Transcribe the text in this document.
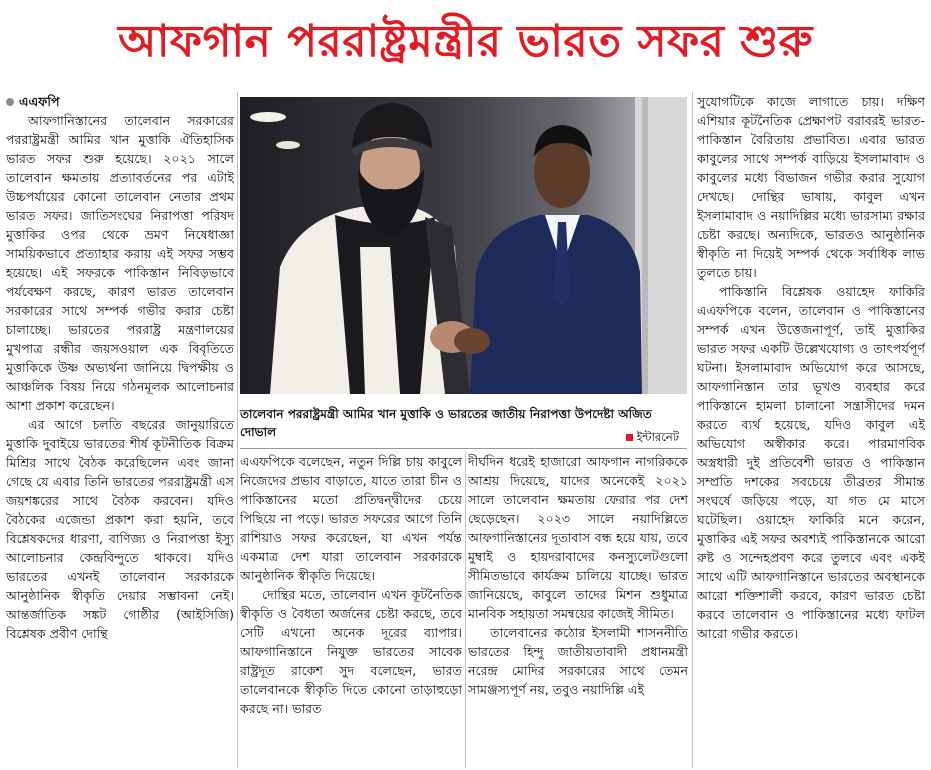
আফগান পররাষ্ট্রমন্ত্রীর ভারত সফর শুরু
এএফপি

আফগানিস্তানের তালেবান সরকারের পররাষ্ট্রমন্ত্রী আমির খান মুত্তাকি ঐতিহাসিক ভারত সফর শুরু হয়েছে। ২০২১ সালে তালেবান ক্ষমতায় প্রত্যাবর্তনের পর এটাই উচ্চপর্যায়ের কোনো তালেবান নেতার প্রথম ভারত সফর। জাতিসংঘের নিরাপত্তা পরিষদ মুত্তাকির ওপর থেকে ভ্রমণ নিষেধাজ্ঞা সাময়িকভাবে প্রত্যাহার করায় এই সফর সম্ভব হয়েছে। এই সফরকে পাকিস্তান নিবিড়ভাবে পর্যবেক্ষণ করছে, কারণ ভারত তালেবান সরকারের সাথে সম্পর্ক গভীর করার চেষ্টা চালাচ্ছে। ভারতের পররাষ্ট্র মন্ত্রণালয়ের মুখপাত্র রন্ধীর জয়সওয়াল এক বিবৃতিতে মুত্তাকিকে উষ্ণ অভ্যর্থনা জানিয়ে দ্বিপক্ষীয় ও আঞ্চলিক বিষয় নিয়ে গঠনমূলক আলোচনার আশা প্রকাশ করেছেন।

এর আগে চলতি বছরের জানুয়ারিতে মুত্তাকি দুবাইয়ে ভারতের শীর্ষ কূটনীতিক বিক্রম মিশ্রির সাথে বৈঠক করেছিলেন এবং জানা গেছে যে এবার তিনি ভারতের পররাষ্ট্রমন্ত্রী এস জয়শঙ্করের সাথে বৈঠক করবেন। যদিও বৈঠকের এজেন্ডা প্রকাশ করা হয়নি, তবে বিশ্লেষকদের ধারণা, বাণিজ্য ও নিরাপত্তা ইস্যু আলোচনার কেন্দ্রবিন্দুতে থাকবে। যদিও ভারতের এখনই তালেবান সরকারকে আনুষ্ঠানিক স্বীকৃতি দেয়ার সম্ভাবনা নেই। আন্তর্জাতিক সঙ্কট গোষ্ঠীর (আইসিজি) বিশ্লেষক প্রবীণ দোন্থি

তালেবান পররাষ্ট্রমন্ত্রী আমির খান মুত্তাকি ও ভারতের জাতীয় নিরাপত্তা উপদেষ্টা অজিত দোভাল	ইন্টারনেট

এএফপিকে বলেছেন, নতুন দিল্লি চায় কাবুলে নিজেদের প্রভাব বাড়াতে, যাতে তারা চীন ও পাকিস্তানের মতো প্রতিদ্বন্দ্বীদের চেয়ে পিছিয়ে না পড়ে। ভারত সফরের আগে তিনি রাশিয়াও সফর করেছেন, যা এখন পর্যন্ত একমাত্র দেশ যারা তালেবান সরকারকে আনুষ্ঠানিক স্বীকৃতি দিয়েছে।

দোন্থির মতে, তালেবান এখন কূটনৈতিক স্বীকৃতি ও বৈধতা অর্জনের চেষ্টা করছে, তবে সেটি এখনো অনেক দূরের ব্যাপার। আফগানিস্তানে নিযুক্ত ভারতের সাবেক রাষ্ট্রদূত রাকেশ সুদ বলেছেন, ভারত তালেবানকে স্বীকৃতি দিতে কোনো তাড়াহুড়ো করছে না। ভারত

দীর্ঘদিন ধরেই হাজারো আফগান নাগরিককে আশ্রয় দিয়েছে, যাদের অনেকেই ২০২১ সালে তালেবান ক্ষমতায় ফেরার পর দেশ ছেড়েছেন। ২০২৩ সালে নয়াদিল্লিতে আফগানিস্তানের দূতাবাস বন্ধ হয়ে যায়, তবে মুম্বাই ও হায়দরাবাদের কনস্যুলেটগুলো সীমিতভাবে কার্যক্রম চালিয়ে যাচ্ছে। ভারত জানিয়েছে, কাবুলে তাদের মিশন শুধুমাত্র মানবিক সহায়তা সমন্বয়ের কাজেই সীমিত।

তালেবানের কঠোর ইসলামী শাসননীতি ভারতের হিন্দু জাতীয়তাবাদী প্রধানমন্ত্রী নরেন্দ্র মোদির সরকারের সাথে তেমন সামঞ্জস্যপূর্ণ নয়, তবুও নয়াদিল্লি এই

সুযোগটিকে কাজে লাগাতে চায়। দক্ষিণ এশিয়ার কূটনৈতিক প্রেক্ষাপট বরাবরই ভারত-পাকিস্তান বৈরিতায় প্রভাবিত। এবার ভারত কাবুলের সাথে সম্পর্ক বাড়িয়ে ইসলামাবাদ ও কাবুলের মধ্যে বিভাজন গভীর করার সুযোগ দেখছে। দোন্থির ভাষায়, কাবুল এখন ইসলামাবাদ ও নয়াদিল্লির মধ্যে ভারসাম্য রক্ষার চেষ্টা করছে। অন্যদিকে, ভারতও আনুষ্ঠানিক স্বীকৃতি না দিয়েই সম্পর্ক থেকে সর্বাধিক লাভ তুলতে চায়।

পাকিস্তানি বিশ্লেষক ওয়াহেদ ফাকিরি এএফপিকে বলেন, তালেবান ও পাকিস্তানের সম্পর্ক এখন উত্তেজনাপূর্ণ, তাই মুত্তাকির ভারত সফর একটি উল্লেখযোগ্য ও তাৎপর্যপূর্ণ ঘটনা। ইসলামাবাদ অভিযোগ করে আসছে, আফগানিস্তান তার ভূখণ্ড ব্যবহার করে পাকিস্তানে হামলা চালানো সন্ত্রাসীদের দমন করতে ব্যর্থ হয়েছে, যদিও কাবুল এই অভিযোগ অস্বীকার করে। পারমাণবিক অস্ত্রধারী দুই প্রতিবেশী ভারত ও পাকিস্তান সম্প্রতি দশকের সবচেয়ে তীব্রতর সীমান্ত সংঘর্ষে জড়িয়ে পড়ে, যা গত মে মাসে ঘটেছিল। ওয়াহেদ ফাকিরি মনে করেন, মুত্তাকির এই সফর অবশ্যই পাকিস্তানকে আরো রুষ্ট ও সন্দেহপ্রবণ করে তুলবে এবং একই সাথে এটি আফগানিস্তানে ভারতের অবস্থানকে আরো শক্তিশালী করবে, কারণ ভারত চেষ্টা করবে তালেবান ও পাকিস্তানের মধ্যে ফাটল আরো গভীর করতে।
